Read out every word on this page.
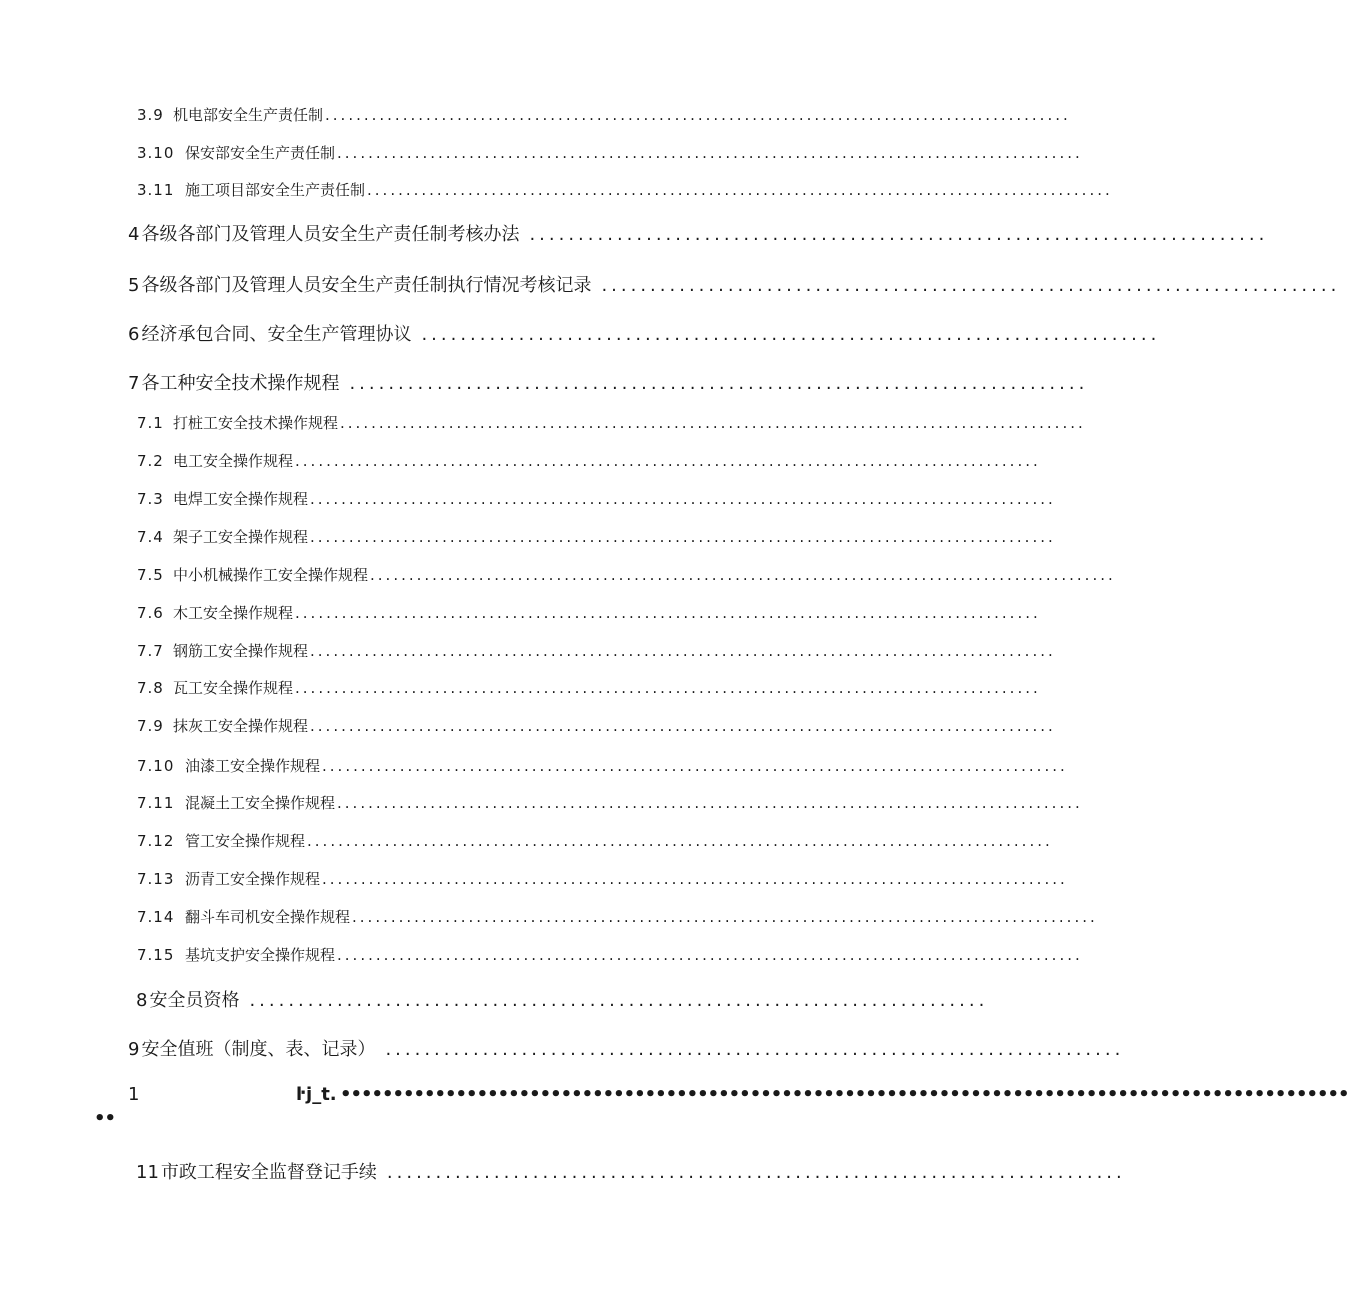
3.9 机电部安全生产责任制 ................................................................................................
3.10 保安部安全生产责任制 ................................................................................................
3.11 施工项目部安全生产责任制 ................................................................................................
4 各级各部门及管理人员安全生产责任制考核办法 ............................................................................
5 各级各部门及管理人员安全生产责任制执行情况考核记录 ............................................................................
6 经济承包合同、安全生产管理协议 ............................................................................
7 各工种安全技术操作规程 ............................................................................
7.1 打桩工安全技术操作规程 ................................................................................................
7.2 电工安全操作规程 ................................................................................................
7.3 电焊工安全操作规程 ................................................................................................
7.4 架子工安全操作规程 ................................................................................................
7.5 中小机械操作工安全操作规程 ................................................................................................
7.6 木工安全操作规程 ................................................................................................
7.7 钢筋工安全操作规程 ................................................................................................
7.8 瓦工安全操作规程 ................................................................................................
7.9 抹灰工安全操作规程 ................................................................................................
7.10 油漆工安全操作规程 ................................................................................................
7.11 混凝土工安全操作规程 ................................................................................................
7.12 管工安全操作规程 ................................................................................................
7.13 沥青工安全操作规程 ................................................................................................
7.14 翻斗车司机安全操作规程 ................................................................................................
7.15 基坑支护安全操作规程 ................................................................................................
8 安全员资格 ............................................................................
9 安全值班（制度、表、记录） ............................................................................
1	ŀj_t. ••••••••••••••••••••••••••••••••••••••••••••••••••••••••••••••••••••••••••••••••••••••••••••••••
••
11 市政工程安全监督登记手续 ............................................................................
